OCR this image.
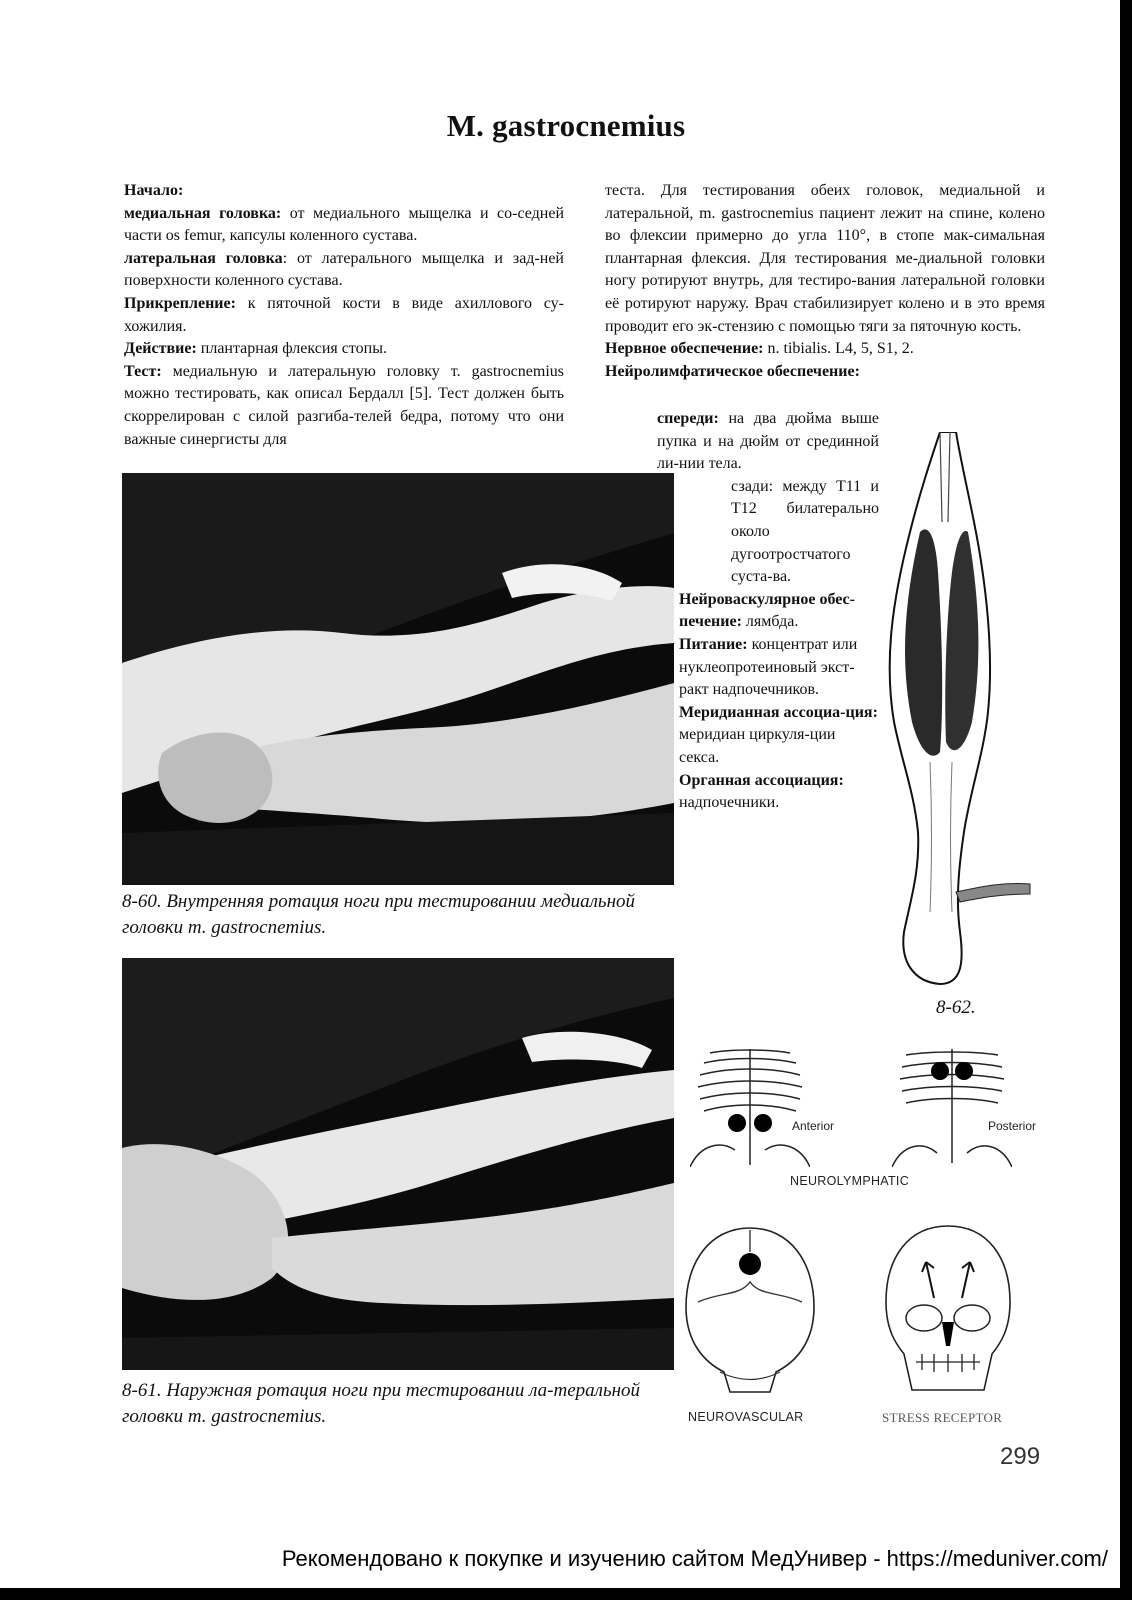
M. gastrocnemius

Начало:

медиальная головка: от медиального мыщелка и со-седней части os femur, капсулы коленного сустава.

латеральная головка: от латерального мыщелка и зад-ней поверхности коленного сустава.

Прикрепление: к пяточной кости в виде ахиллового су-хожилия.

Действие: плантарная флексия стопы.

Тест: медиальную и латеральную головку т. gastrocnemius можно тестировать, как описал Бердалл [5]. Тест должен быть скоррелирован с силой разгиба-телей бедра, потому что они важные синергисты для

теста. Для тестирования обеих головок, медиальной и латеральной, m. gastrocnemius пациент лежит на спине, колено во флексии примерно до угла 110°, в стопе мак-симальная плантарная флексия. Для тестирования ме-диальной головки ногу ротируют внутрь, для тестиро-вания латеральной головки её ротируют наружу. Врач стабилизирует колено и в это время проводит его эк-стензию с помощью тяги за пяточную кость.

Нервное обеспечение: n. tibialis. L4, 5, S1, 2.

Нейролимфатическое обеспечение:

спереди: на два дюйма выше пупка и на дюйм от срединной ли-нии тела.

сзади: между T11 и T12 билатерально около дугоотростчатого суста-ва.

Нейроваскулярное обес-печение: лямбда.

Питание: концентрат или нуклеопротеиновый экст-ракт надпочечников.

Меридианная ассоциа-ция: меридиан циркуля-ции секса.

Органная ассоциация: надпочечники.

8-60. Внутренняя ротация ноги при тестировании медиальной головки т. gastrocnemius.
8-61. Наружная ротация ноги при тестировании ла-теральной головки т. gastrocnemius.
8-62.
Anterior	Posterior
NEUROLYMPHATIC
NEUROVASCULAR	STRESS RECEPTOR
299
Рекомендовано к покупке и изучению сайтом МедУнивер - https://meduniver.com/
